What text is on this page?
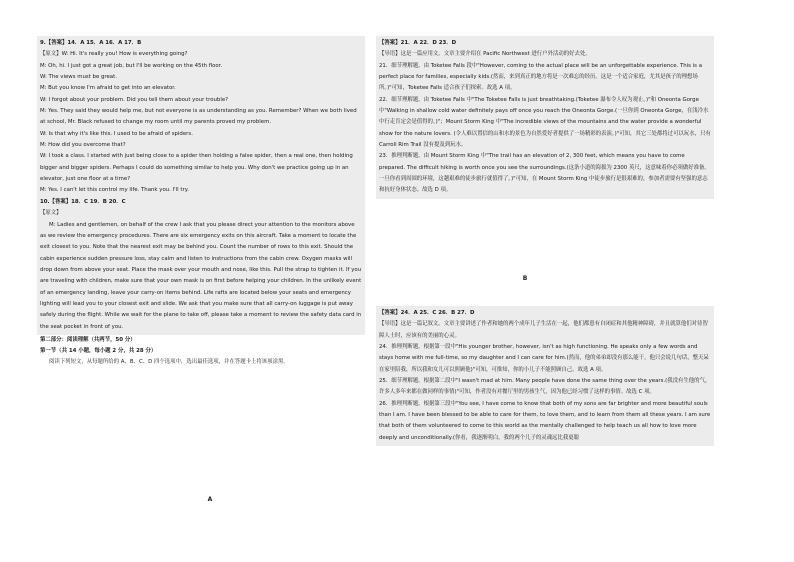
9.【答案】14．A 15．A 16．A 17．B

【原文】W: Hi. It's really you! How is everything going?

M: Oh, hi. I just got a great job, but I'll be working on the 45th floor.

W: The views must be great.

M: But you know I'm afraid to get into an elevator.

W: I forgot about your problem. Did you tell them about your trouble?

M: Yes. They said they would help me, but not everyone is as understanding as you. Remember? When we both lived at school, Mr. Black refused to change my room until my parents proved my problem.

W: Is that why it's like this. I used to be afraid of spiders.

M: How did you overcome that?

W: I took a class. I started with just being close to a spider then holding a false spider, then a real one, then holding bigger and bigger spiders. Perhaps I could do something similar to help you. Why don't we practice going up in an elevator, just one floor at a time?

M: Yes. I can't let this control my life. Thank you. I'll try.

10.【答案】18．C 19．B 20．C

【原文】

M: Ladies and gentlemen, on behalf of the crew I ask that you please direct your attention to the monitors above as we review the emergency procedures. There are six emergency exits on this aircraft. Take a moment to locate the exit closest to you. Note that the nearest exit may be behind you. Count the number of rows to this exit. Should the cabin experience sudden pressure loss, stay calm and listen to instructions from the cabin crew. Oxygen masks will drop down from above your seat. Place the mask over your mouth and nose, like this. Pull the strap to tighten it. If you are traveling with children, make sure that your own mask is on first before helping your children. In the unlikely event of an emergency landing, leave your carry-on items behind. Life rafts are located below your seats and emergency lighting will lead you to your closest exit and slide. We ask that you make sure that all carry-on luggage is put away safely during the flight. While we wait for the plane to take off, please take a moment to review the safety data card in the seat pocket in front of you.

第二部分：阅读理解（共两节，50 分）

第一节（共 14 小题，每小题 2 分，共 28 分）

阅读下列短文，从每题所给的 A、B、C、D 四个选项中，选出最佳选项，并在答题卡上将该项涂黑。

A

【答案】21．A 22．D 23．D

【导语】这是一篇应用文。文章主要介绍在 Pacific Northwest 进行户外活动的好去处。

21．细节理解题。由 Toketee Falls 段中"However, coming to the actual place will be an unforgettable experience. This is a perfect place for families, especially kids.(然而，来到真正的地方将是一次难忘的经历。这是一个适合家庭，尤其是孩子的理想场所。)"可知，Toketee Falls 适合孩子们探索。故选 A 项。

22．细节理解题。由 Toketee Falls 中"The Toketee Falls is just breathtaking.(Toketee 瀑布令人叹为观止。)"和 Oneonta Gorge 中"Walking in shallow cold water definitely pays off once you reach the Oneonta Gorge.(一旦你到 Oneonta Gorge，在浅冷水中行走肯定会是值得的。)"；Mount Storm King 中"The incredible views of the mountains and the water provide a wonderful show for the nature lovers. (令人难以置信的山和水的景色为自然爱好者提供了一场精彩的表演。)"可知，其它三处都将过可以玩水，只有 Carroll Rim Trail 没有提及到玩水。

23．推理判断题。由 Mount Storm King 中"The trail has an elevation of 2, 300 feet, which means you have to come prepared. The difficult hiking is worth once you see the surroundings.(这条小道的海拔为 2300 英尺，这意味着你必须做好准备。一旦你看到周围的环境，这趟艰难的徒步旅行就值得了。)"可知，在 Mount Storm King 中徒步旅行是很艰难的，参加者需要有坚强的意志和抗好身体状态。故选 D 项。

B

【答案】24．A 25．C 26．B 27．D

【导语】这是一篇记叙文。文章主要讲述了作者和她的两个成年儿子生活在一起，他们都患有自闭症和其他精神障碍，并且就算他们对待智障人士时，应该有的美丽的心灵。

24．推理判断题。根据第一段中"His younger brother, however, isn't as high functioning. He speaks only a few words and stays home with me full-time, so my daughter and I can care for him.(然而，他的弟弟却没有那么能干，他只会说几句话，整天呆在家里陪我，所以我和女儿可以照顾他)"可知，可推知，你的小儿子不能照顾自己。故选 A 项。

25．细节理解题。根据第二段中"I wasn't mad at him. Many people have done the same thing over the years.(我没有生他的气，许多人多年来都在做同样的事情)"可知，作者没有对餐厅里的男孩生气，因为他已经习惯了这样的事情。故选 C 项。

26．推理判断题。根据第三段中"You see, I have come to know that both of my sons are far brighter and more beautiful souls than I am. I have been blessed to be able to care for them, to love them, and to learn from them all these years. I am sure that both of them volunteered to come to this world as the mentally challenged to help teach us all how to love more deeply and unconditionally.(你看，我逐渐明白，我的两个儿子的灵魂远比我更聪
